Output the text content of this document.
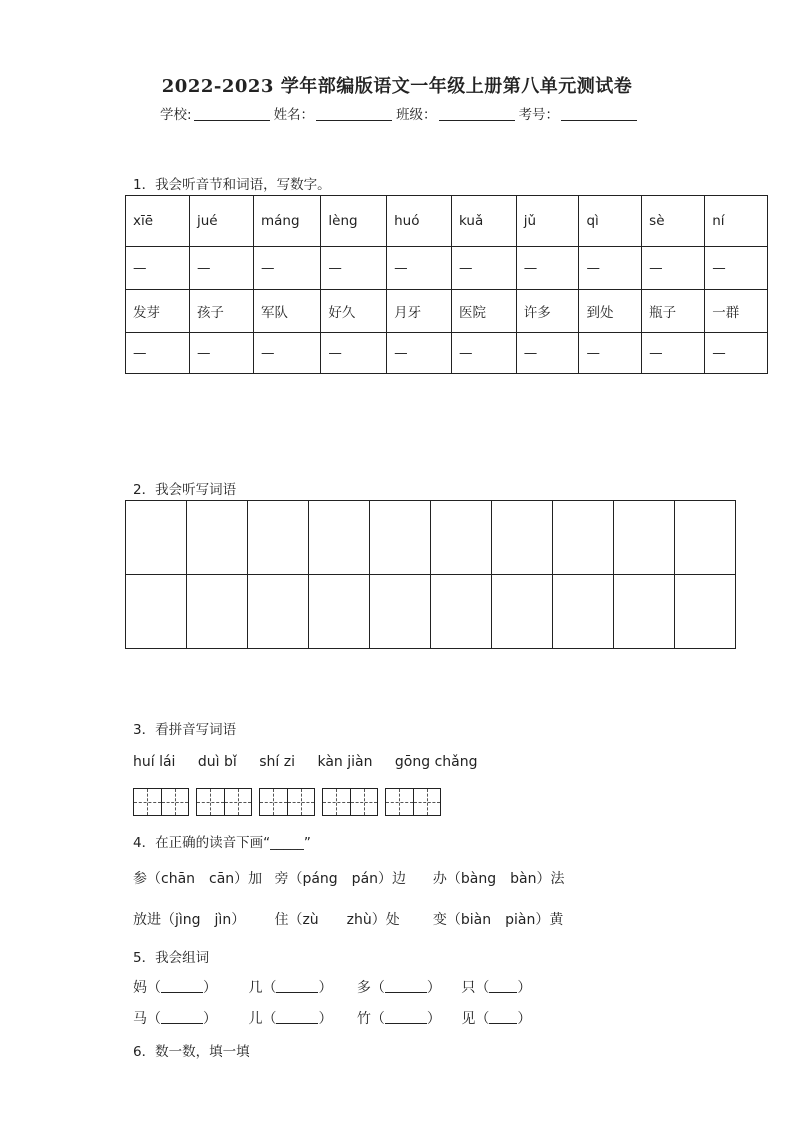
2022-2023 学年部编版语文一年级上册第八单元测试卷
学校:	姓名：	班级：	考号：
1．我会听音节和词语，写数字。
xīē	jué	máng	lèng	huó	kuǎ	jǔ	qì	sè	ní
—	—	—	—	—	—	—	—	—	—
发芽	孩子	军队	好久	月牙	医院	许多	到处	瓶子	一群
—	—	—	—	—	—	—	—	—	—
2．我会听写词语

3．看拼音写词语
huí lái duì bǐ shí zi kàn jiàn gōng chǎng
4．在正确的读音下画“_____”
参（chān　cān）加 旁（páng　pán）边 办（bàng　bàn）法
放进（jìng　jìn） 住（zù　　zhù）处 变（biàn　piàn）黄
5．我会组词
妈（	） 几（	） 多（	） 只（ ）
马（	） 儿（	） 竹（	） 见（ ）
6．数一数，填一填
